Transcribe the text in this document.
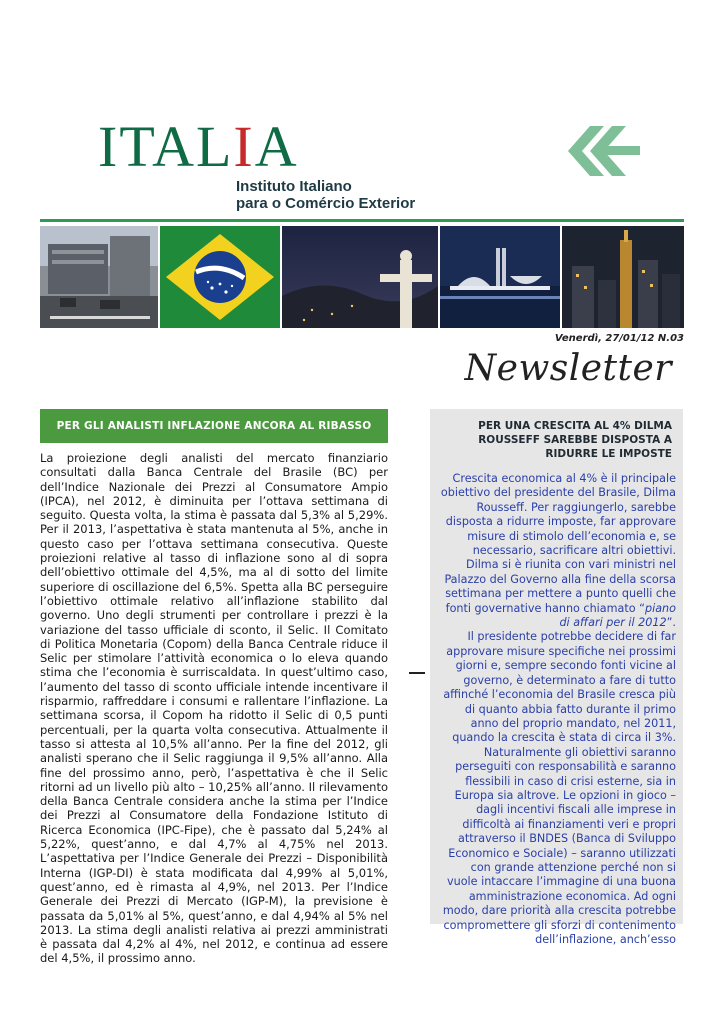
ITALIA
Instituto Italiano
para o Comércio Exterior
Venerdì, 27/01/12 N.03
Newsletter
PER GLI ANALISTI INFLAZIONE ANCORA AL RIBASSO
La proiezione degli analisti del mercato finanziario consultati dalla Banca Centrale del Brasile (BC) per dell’Indice Nazionale dei Prezzi al Consumatore Ampio (IPCA), nel 2012, è diminuita per l’ottava settimana di seguito. Questa volta, la stima è passata dal 5,3% al 5,29%. Per il 2013, l’aspettativa è stata mantenuta al 5%, anche in questo caso per l’ottava settimana consecutiva. Queste proiezioni relative al tasso di inflazione sono al di sopra dell’obiettivo ottimale del 4,5%, ma al di sotto del limite superiore di oscillazione del 6,5%. Spetta alla BC perseguire l’obiettivo ottimale relativo all’inflazione stabilito dal governo. Uno degli strumenti per controllare i prezzi è la variazione del tasso ufficiale di sconto, il Selic. Il Comitato di Politica Monetaria (Copom) della Banca Centrale riduce il Selic per stimolare l’attività economica o lo eleva quando stima che l’economia è surriscaldata. In quest’ultimo caso, l’aumento del tasso di sconto ufficiale intende incentivare il risparmio, raffreddare i consumi e rallentare l’inflazione. La settimana scorsa, il Copom ha ridotto il Selic di 0,5 punti percentuali, per la quarta volta consecutiva. Attualmente il tasso si attesta al 10,5% all’anno. Per la fine del 2012, gli analisti sperano che il Selic raggiunga il 9,5% all’anno. Alla fine del prossimo anno, però, l’aspettativa è che il Selic ritorni ad un livello più alto – 10,25% all’anno. Il rilevamento della Banca Centrale considera anche la stima per l’Indice dei Prezzi al Consumatore della Fondazione Istituto di Ricerca Economica (IPC-Fipe), che è passato dal 5,24% al 5,22%, quest’anno, e dal 4,7% al 4,75% nel 2013. L’aspettativa per l’Indice Generale dei Prezzi – Disponibilità Interna (IGP-DI) è stata modificata dal 4,99% al 5,01%, quest’anno, ed è rimasta al 4,9%, nel 2013. Per l’Indice Generale dei Prezzi di Mercato (IGP-M), la previsione è passata da 5,01% al 5%, quest’anno, e dal 4,94% al 5% nel 2013. La stima degli analisti relativa ai prezzi amministrati è passata dal 4,2% al 4%, nel 2012, e continua ad essere del 4,5%, il prossimo anno.
PER UNA CRESCITA AL 4% DILMA ROUSSEFF SAREBBE DISPOSTA A RIDURRE LE IMPOSTE
Crescita economica al 4% è il principale obiettivo del presidente del Brasile, Dilma Rousseff. Per raggiungerlo, sarebbe disposta a ridurre imposte, far approvare misure di stimolo dell’economia e, se necessario, sacrificare altri obiettivi. Dilma si è riunita con vari ministri nel Palazzo del Governo alla fine della scorsa settimana per mettere a punto quelli che fonti governative hanno chiamato “piano di affari per il 2012”.
Il presidente potrebbe decidere di far approvare misure specifiche nei prossimi giorni e, sempre secondo fonti vicine al governo, è determinato a fare di tutto affinché l’economia del Brasile cresca più di quanto abbia fatto durante il primo anno del proprio mandato, nel 2011, quando la crescita è stata di circa il 3%.
Naturalmente gli obiettivi saranno perseguiti con responsabilità e saranno flessibili in caso di crisi esterne, sia in Europa sia altrove. Le opzioni in gioco – dagli incentivi fiscali alle imprese in difficoltà ai finanziamenti veri e propri attraverso il BNDES (Banca di Sviluppo Economico e Sociale) – saranno utilizzati con grande attenzione perché non si vuole intaccare l’immagine di una buona amministrazione economica. Ad ogni modo, dare priorità alla crescita potrebbe compromettere gli sforzi di contenimento dell’inflazione, anch’esso
